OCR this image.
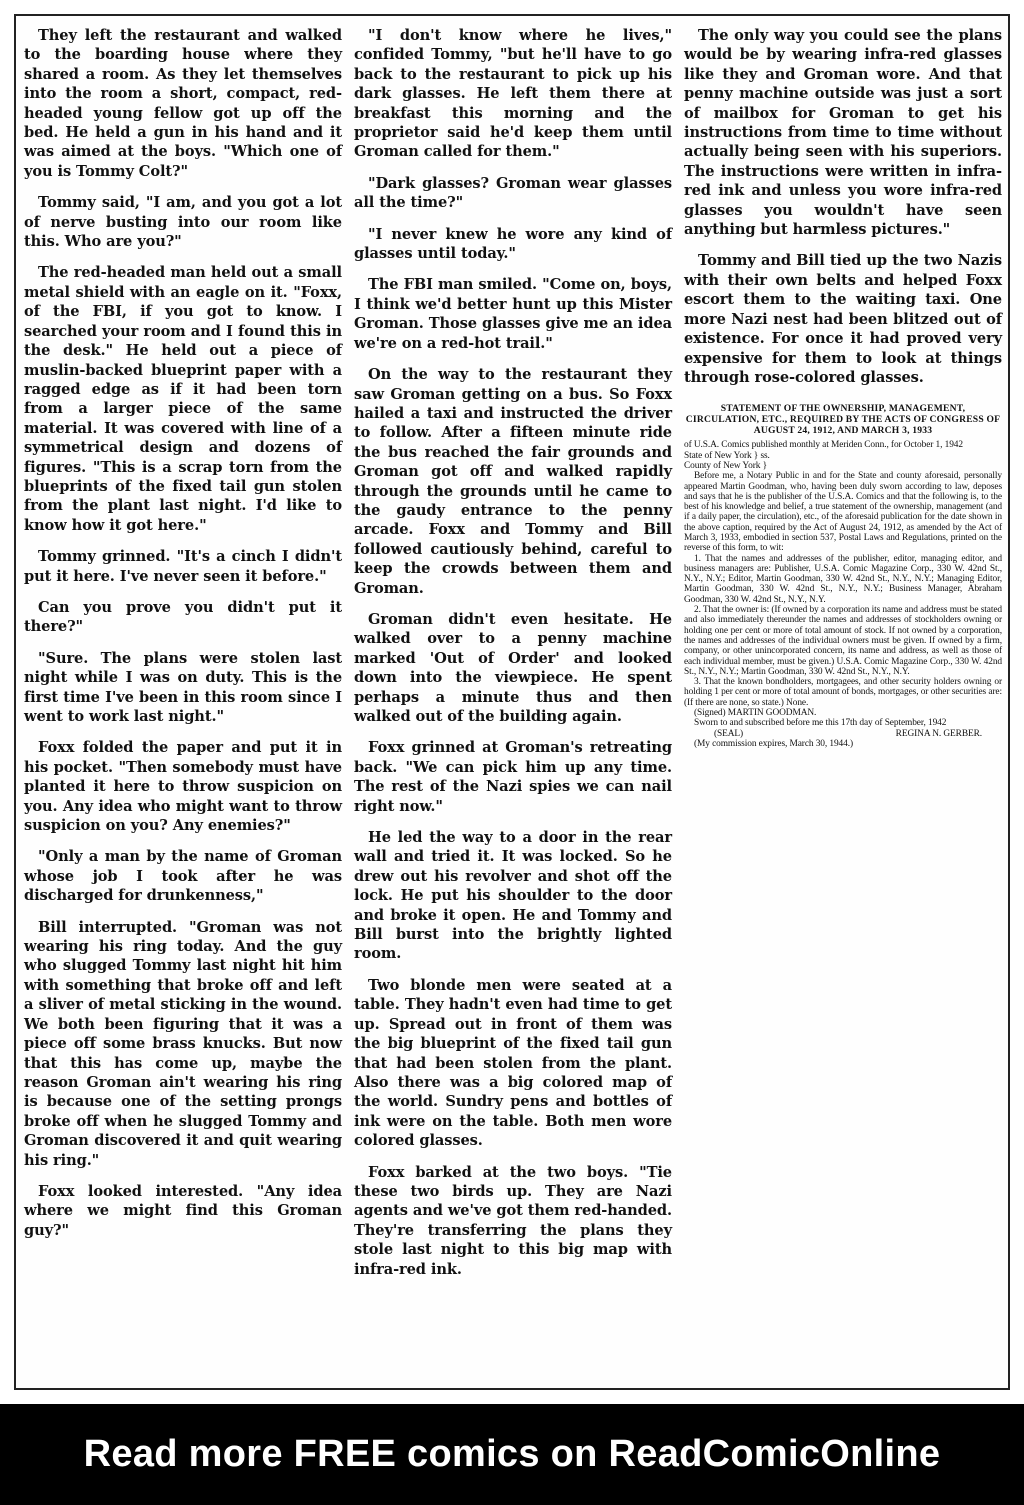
They left the restaurant and walked to the boarding house where they shared a room. As they let themselves into the room a short, compact, red-headed young fellow got up off the bed. He held a gun in his hand and it was aimed at the boys. "Which one of you is Tommy Colt?"

Tommy said, "I am, and you got a lot of nerve busting into our room like this. Who are you?"

The red-headed man held out a small metal shield with an eagle on it. "Foxx, of the FBI, if you got to know. I searched your room and I found this in the desk." He held out a piece of muslin-backed blueprint paper with a ragged edge as if it had been torn from a larger piece of the same material. It was covered with line of a symmetrical design and dozens of figures. "This is a scrap torn from the blueprints of the fixed tail gun stolen from the plant last night. I'd like to know how it got here."

Tommy grinned. "It's a cinch I didn't put it here. I've never seen it before."

Can you prove you didn't put it there?"

"Sure. The plans were stolen last night while I was on duty. This is the first time I've been in this room since I went to work last night."

Foxx folded the paper and put it in his pocket. "Then somebody must have planted it here to throw suspicion on you. Any idea who might want to throw suspicion on you? Any enemies?"

"Only a man by the name of Groman whose job I took after he was discharged for drunkenness,"

Bill interrupted. "Groman was not wearing his ring today. And the guy who slugged Tommy last night hit him with something that broke off and left a sliver of metal sticking in the wound. We both been figuring that it was a piece off some brass knucks. But now that this has come up, maybe the reason Groman ain't wearing his ring is because one of the setting prongs broke off when he slugged Tommy and Groman discovered it and quit wearing his ring."

Foxx looked interested. "Any idea where we might find this Groman guy?"

"I don't know where he lives," confided Tommy, "but he'll have to go back to the restaurant to pick up his dark glasses. He left them there at breakfast this morning and the proprietor said he'd keep them until Groman called for them."

"Dark glasses? Groman wear glasses all the time?"

"I never knew he wore any kind of glasses until today."

The FBI man smiled. "Come on, boys, I think we'd better hunt up this Mister Groman. Those glasses give me an idea we're on a red-hot trail."

On the way to the restaurant they saw Groman getting on a bus. So Foxx hailed a taxi and instructed the driver to follow. After a fifteen minute ride the bus reached the fair grounds and Groman got off and walked rapidly through the grounds until he came to the gaudy entrance to the penny arcade. Foxx and Tommy and Bill followed cautiously behind, careful to keep the crowds between them and Groman.

Groman didn't even hesitate. He walked over to a penny machine marked 'Out of Order' and looked down into the viewpiece. He spent perhaps a minute thus and then walked out of the building again.

Foxx grinned at Groman's retreating back. "We can pick him up any time. The rest of the Nazi spies we can nail right now."

He led the way to a door in the rear wall and tried it. It was locked. So he drew out his revolver and shot off the lock. He put his shoulder to the door and broke it open. He and Tommy and Bill burst into the brightly lighted room.

Two blonde men were seated at a table. They hadn't even had time to get up. Spread out in front of them was the big blueprint of the fixed tail gun that had been stolen from the plant. Also there was a big colored map of the world. Sundry pens and bottles of ink were on the table. Both men wore colored glasses.

Foxx barked at the two boys. "Tie these two birds up. They are Nazi agents and we've got them red-handed. They're transferring the plans they stole last night to this big map with infra-red ink.

The only way you could see the plans would be by wearing infra-red glasses like they and Groman wore. And that penny machine outside was just a sort of mailbox for Groman to get his instructions from time to time without actually being seen with his superiors. The instructions were written in infra-red ink and unless you wore infra-red glasses you wouldn't have seen anything but harmless pictures."

Tommy and Bill tied up the two Nazis with their own belts and helped Foxx escort them to the waiting taxi. One more Nazi nest had been blitzed out of existence. For once it had proved very expensive for them to look at things through rose-colored glasses.

STATEMENT OF THE OWNERSHIP, MANAGEMENT, CIRCULATION, ETC., REQUIRED BY THE ACTS OF CONGRESS OF AUGUST 24, 1912, AND MARCH 3, 1933

of U.S.A. Comics published monthly at Meriden Conn., for October 1, 1942

State of New York } ss.

County of New York }

Before me, a Notary Public in and for the State and county aforesaid, personally appeared Martin Goodman, who, having been duly sworn according to law, deposes and says that he is the publisher of the U.S.A. Comics and that the following is, to the best of his knowledge and belief, a true statement of the ownership, management (and if a daily paper, the circulation), etc., of the aforesaid publication for the date shown in the above caption, required by the Act of August 24, 1912, as amended by the Act of March 3, 1933, embodied in section 537, Postal Laws and Regulations, printed on the reverse of this form, to wit:

1. That the names and addresses of the publisher, editor, managing editor, and business managers are: Publisher, U.S.A. Comic Magazine Corp., 330 W. 42nd St., N.Y., N.Y.; Editor, Martin Goodman, 330 W. 42nd St., N.Y., N.Y.; Managing Editor, Martin Goodman, 330 W. 42nd St., N.Y., N.Y.; Business Manager, Abraham Goodman, 330 W. 42nd St., N.Y., N.Y.

2. That the owner is: (If owned by a corporation its name and address must be stated and also immediately thereunder the names and addresses of stockholders owning or holding one per cent or more of total amount of stock. If not owned by a corporation, the names and addresses of the individual owners must be given. If owned by a firm, company, or other unincorporated concern, its name and address, as well as those of each individual member, must be given.) U.S.A. Comic Magazine Corp., 330 W. 42nd St., N.Y., N.Y.; Martin Goodman, 330 W. 42nd St., N.Y., N.Y.

3. That the known bondholders, mortgagees, and other security holders owning or holding 1 per cent or more of total amount of bonds, mortgages, or other securities are: (If there are none, so state.) None.

(Signed) MARTIN GOODMAN.

Sworn to and subscribed before me this 17th day of September, 1942

(SEAL)	REGINA N. GERBER.

(My commission expires, March 30, 1944.)

Read more FREE comics on ReadComicOnline
